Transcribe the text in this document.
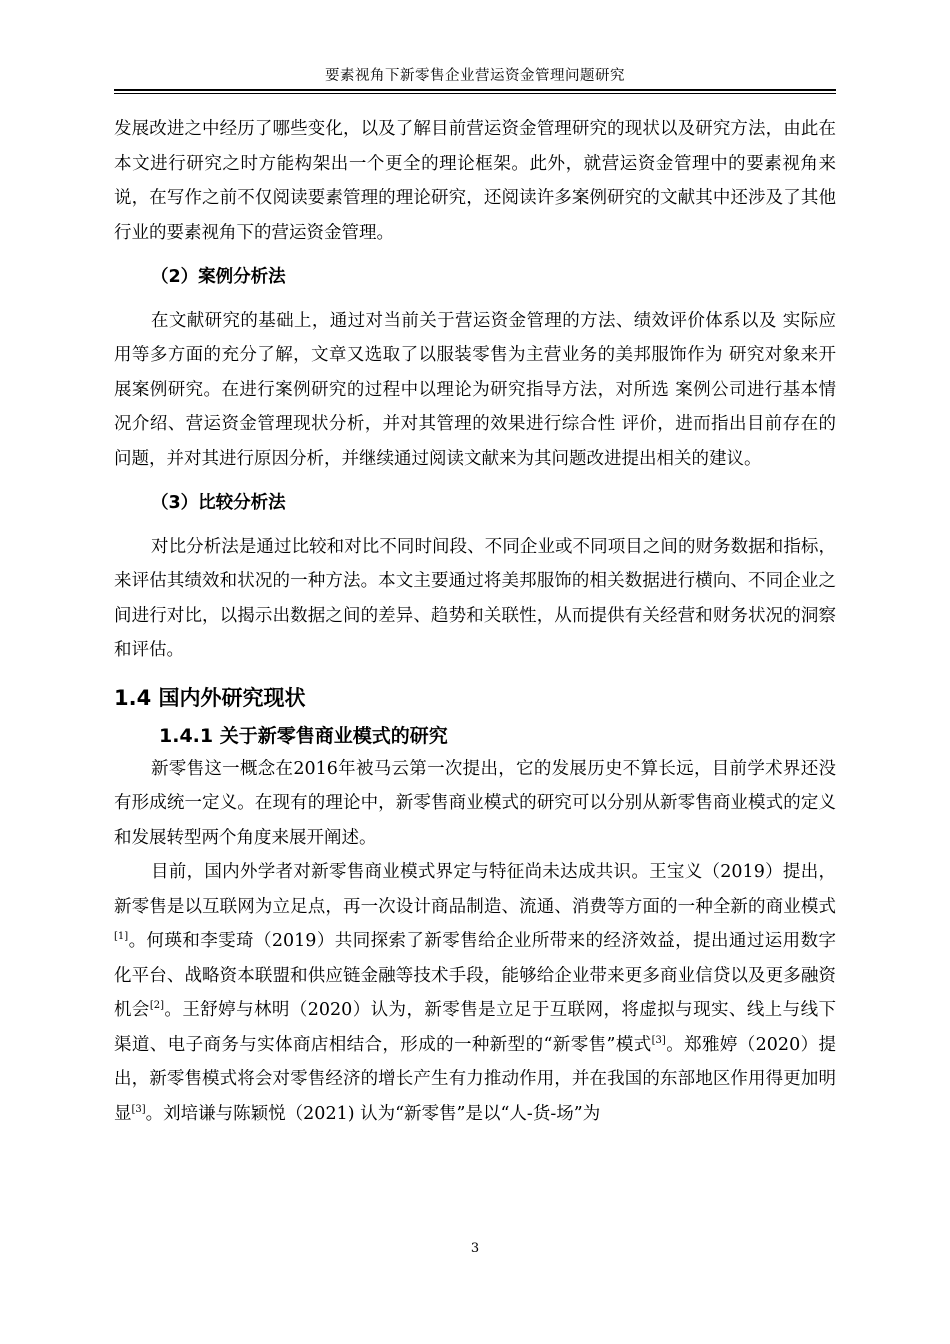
要素视角下新零售企业营运资金管理问题研究

发展改进之中经历了哪些变化，以及了解目前营运资金管理研究的现状以及研究方法，由此在本文进行研究之时方能构架出一个更全的理论框架。此外，就营运资金管理中的要素视角来说，在写作之前不仅阅读要素管理的理论研究，还阅读许多案例研究的文献其中还涉及了其他行业的要素视角下的营运资金管理。

（2）案例分析法

在文献研究的基础上，通过对当前关于营运资金管理的方法、绩效评价体系以及 实际应用等多方面的充分了解，文章又选取了以服装零售为主营业务的美邦服饰作为 研究对象来开展案例研究。在进行案例研究的过程中以理论为研究指导方法，对所选 案例公司进行基本情况介绍、营运资金管理现状分析，并对其管理的效果进行综合性 评价，进而指出目前存在的问题，并对其进行原因分析，并继续通过阅读文献来为其问题改进提出相关的建议。

（3）比较分析法

对比分析法是通过比较和对比不同时间段、不同企业或不同项目之间的财务数据和指标，来评估其绩效和状况的一种方法。本文主要通过将美邦服饰的相关数据进行横向、不同企业之间进行对比，以揭示出数据之间的差异、趋势和关联性，从而提供有关经营和财务状况的洞察和评估。

1.4 国内外研究现状
1.4.1 关于新零售商业模式的研究

新零售这一概念在2016年被马云第一次提出，它的发展历史不算长远，目前学术界还没有形成统一定义。在现有的理论中，新零售商业模式的研究可以分别从新零售商业模式的定义和发展转型两个角度来展开阐述。

目前，国内外学者对新零售商业模式界定与特征尚未达成共识。王宝义（2019）提出，新零售是以互联网为立足点，再一次设计商品制造、流通、消费等方面的一种全新的商业模式[1]。何瑛和李雯琦（2019）共同探索了新零售给企业所带来的经济效益，提出通过运用数字化平台、战略资本联盟和供应链金融等技术手段，能够给企业带来更多商业信贷以及更多融资机会[2]。王舒婷与林明（2020）认为，新零售是立足于互联网，将虚拟与现实、线上与线下渠道、电子商务与实体商店相结合，形成的一种新型的“新零售”模式[3]。郑雅婷（2020）提出，新零售模式将会对零售经济的增长产生有力推动作用，并在我国的东部地区作用得更加明显[3]。刘培谦与陈颖悦（2021) 认为“新零售”是以“人-货-场”为

3
